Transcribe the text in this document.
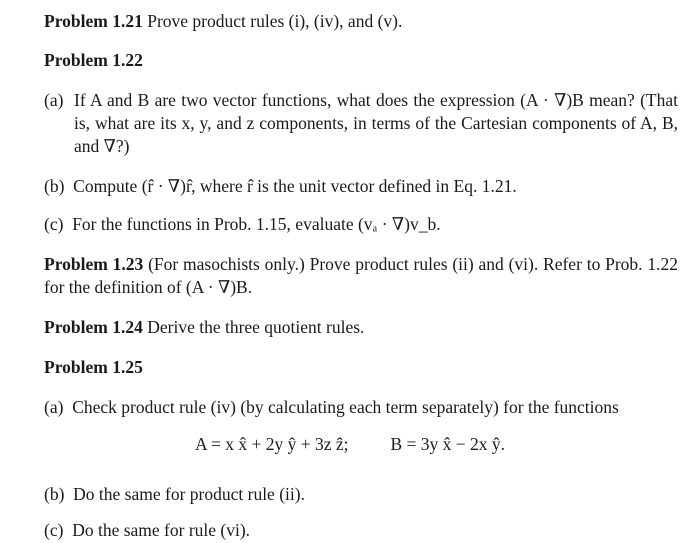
Problem 1.21 Prove product rules (i), (iv), and (v).

Problem 1.22

(a) If A and B are two vector functions, what does the expression (A · ∇)B mean? (That is, what are its x, y, and z components, in terms of the Cartesian components of A, B, and ∇?)

(b) Compute (r̂ · ∇)r̂, where r̂ is the unit vector defined in Eq. 1.21.

(c) For the functions in Prob. 1.15, evaluate (vₐ · ∇)v_b.

Problem 1.23 (For masochists only.) Prove product rules (ii) and (vi). Refer to Prob. 1.22 for the definition of (A · ∇)B.

Problem 1.24 Derive the three quotient rules.

Problem 1.25

(a) Check product rule (iv) (by calculating each term separately) for the functions

A = x x̂ + 2y ŷ + 3z ẑ; B = 3y x̂ − 2x ŷ.

(b) Do the same for product rule (ii).

(c) Do the same for rule (vi).
